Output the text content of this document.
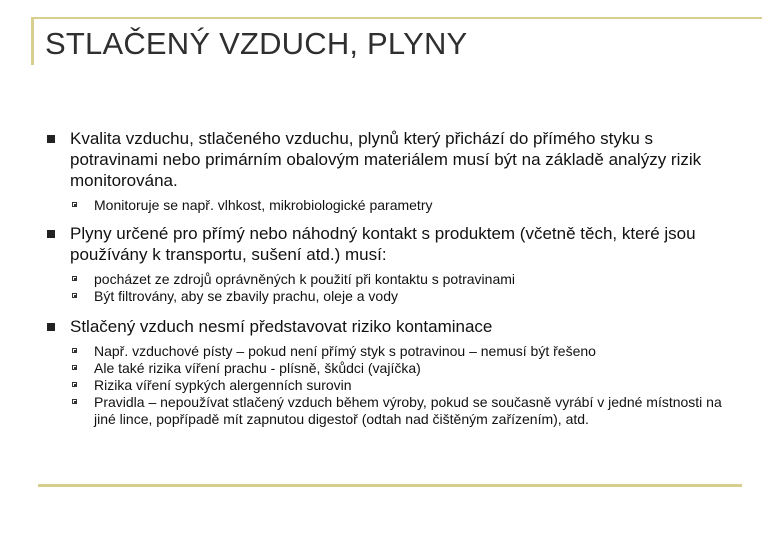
STLAČENÝ VZDUCH, PLYNY
Kvalita vzduchu, stlačeného vzduchu, plynů který přichází do přímého styku s potravinami nebo primárním obalovým materiálem musí být na základě analýzy rizik monitorována.
Monitoruje se např. vlhkost, mikrobiologické parametry
Plyny určené pro přímý nebo náhodný kontakt s produktem (včetně těch, které jsou používány k transportu, sušení atd.) musí:
pocházet ze zdrojů oprávněných k použití při kontaktu s potravinami
Být filtrovány, aby se zbavily prachu, oleje a vody
Stlačený vzduch nesmí představovat riziko kontaminace
Např. vzduchové písty – pokud není přímý styk s potravinou – nemusí být řešeno
Ale také rizika víření prachu - plísně, škůdci (vajíčka)
Rizika víření sypkých alergenních surovin
Pravidla – nepoužívat stlačený vzduch během výroby, pokud se současně vyrábí v jedné místnosti na jiné lince, popřípadě mít zapnutou digestoř (odtah nad čištěným zařízením), atd.
